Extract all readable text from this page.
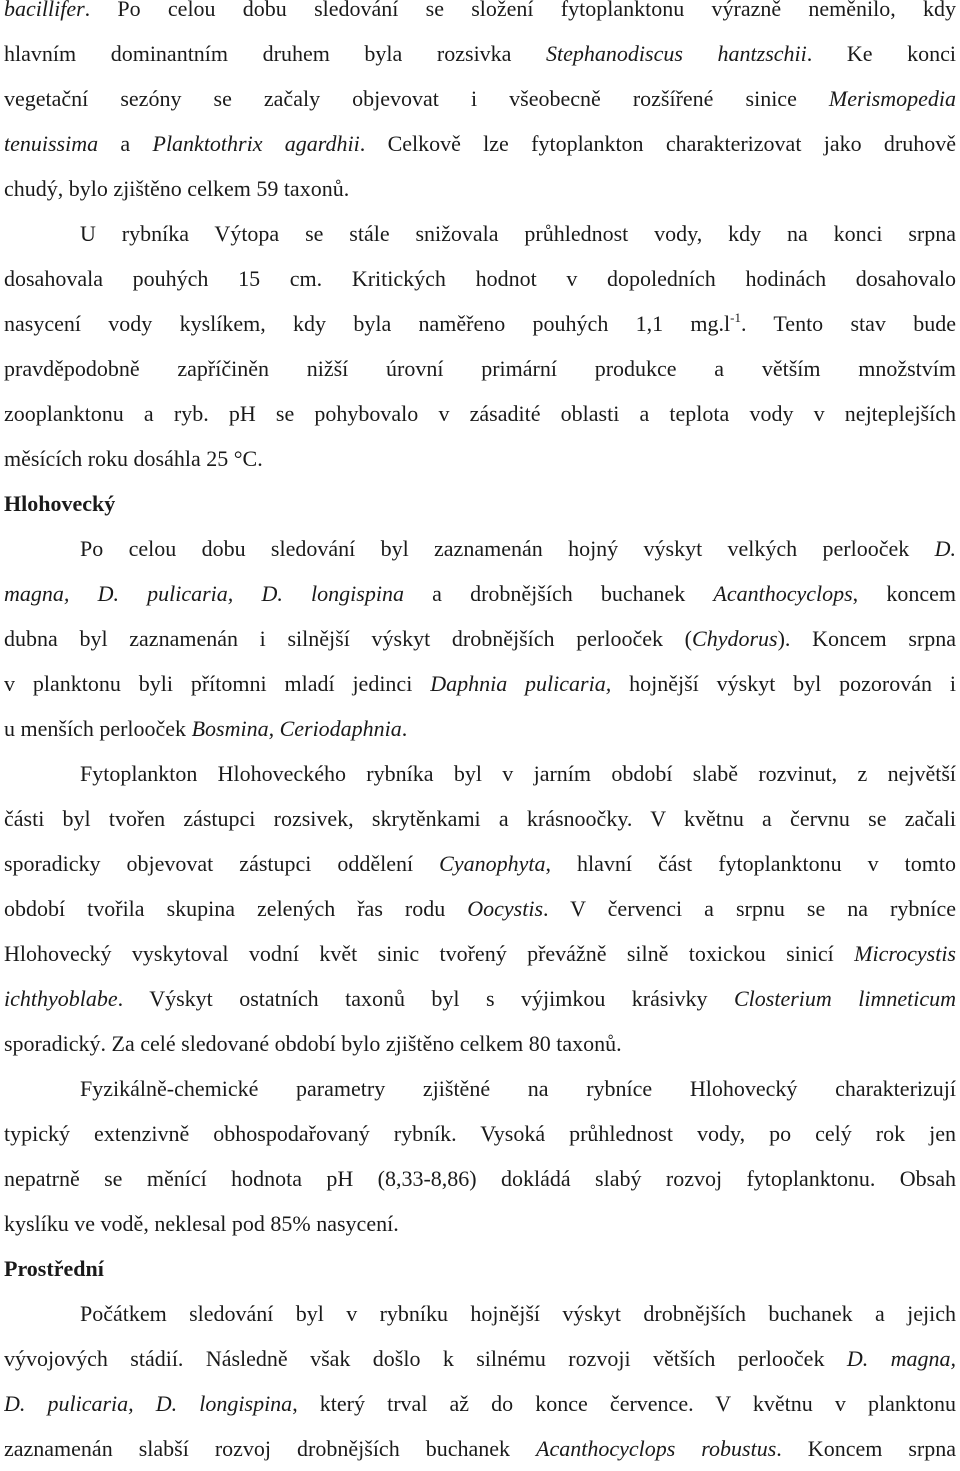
bacillifer. Po celou dobu sledování se složení fytoplanktonu výrazně neměnilo, kdy
hlavním dominantním druhem byla rozsivka Stephanodiscus hantzschii. Ke konci
vegetační sezóny se začaly objevovat i všeobecně rozšířené sinice Merismopedia
tenuissima a Planktothrix agardhii. Celkově lze fytoplankton charakterizovat jako druhově
chudý, bylo zjištěno celkem 59 taxonů.
U rybníka Výtopa se stále snižovala průhlednost vody, kdy na konci srpna
dosahovala pouhých 15 cm. Kritických hodnot v dopoledních hodinách dosahovalo
nasycení vody kyslíkem, kdy byla naměřeno pouhých 1,1 $mg.l^{-1}$. Tento stav bude
pravděpodobně zapříčiněn nižší úrovní primární produkce a větším množstvím
zooplanktonu a ryb. pH se pohybovalo v zásadité oblasti a teplota vody v nejteplejších
měsících roku dosáhla 25 °C.
Hlohovecký
Po celou dobu sledování byl zaznamenán hojný výskyt velkých perlooček D.
magna, D. pulicaria, D. longispina a drobnějších buchanek Acanthocyclops, koncem
dubna byl zaznamenán i silnější výskyt drobnějších perlooček (Chydorus). Koncem srpna
v planktonu byli přítomni mladí jedinci Daphnia pulicaria, hojnější výskyt byl pozorován i
u menších perlooček Bosmina, Ceriodaphnia.
Fytoplankton Hlohoveckého rybníka byl v jarním období slabě rozvinut, z největší
části byl tvořen zástupci rozsivek, skrytěnkami a krásnoočky. V květnu a červnu se začali
sporadicky objevovat zástupci oddělení Cyanophyta, hlavní část fytoplanktonu v tomto
období tvořila skupina zelených řas rodu Oocystis. V červenci a srpnu se na rybníce
Hlohovecký vyskytoval vodní květ sinic tvořený převážně silně toxickou sinicí Microcystis
ichthyoblabe. Výskyt ostatních taxonů byl s výjimkou krásivky Closterium limneticum
sporadický. Za celé sledované období bylo zjištěno celkem 80 taxonů.
Fyzikálně-chemické parametry zjištěné na rybníce Hlohovecký charakterizují
typický extenzivně obhospodařovaný rybník. Vysoká průhlednost vody, po celý rok jen
nepatrně se měnící hodnota pH (8,33-8,86) dokládá slabý rozvoj fytoplanktonu. Obsah
kyslíku ve vodě, neklesal pod 85% nasycení.
Prostřední
Počátkem sledování byl v rybníku hojnější výskyt drobnějších buchanek a jejich
vývojových stádií. Následně však došlo k silnému rozvoji větších perlooček D. magna,
D. pulicaria, D. longispina, který trval až do konce července. V květnu v planktonu
zaznamenán slabší rozvoj drobnějších buchanek Acanthocyclops robustus. Koncem srpna
